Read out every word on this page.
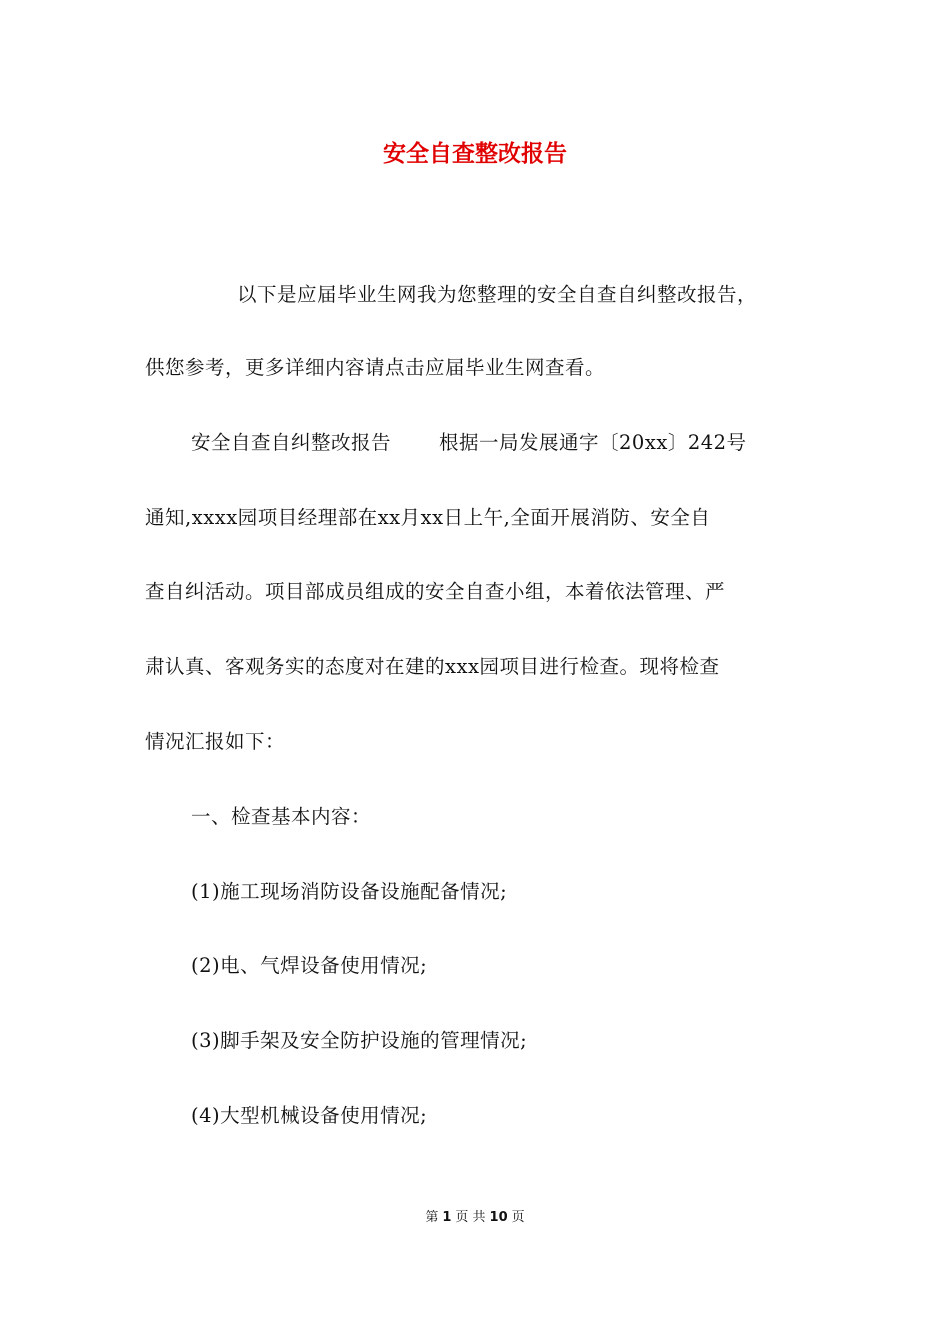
安全自查整改报告
以下是应届毕业生网我为您整理的安全自查自纠整改报告，
供您参考，更多详细内容请点击应届毕业生网查看。
安全自查自纠整改报告 根据一局发展通字〔20xx〕242号
通知,xxxx园项目经理部在xx月xx日上午,全面开展消防、安全自
查自纠活动。项目部成员组成的安全自查小组，本着依法管理、严
肃认真、客观务实的态度对在建的xxx园项目进行检查。现将检查
情况汇报如下：
一、检查基本内容：
(1)施工现场消防设备设施配备情况;
(2)电、气焊设备使用情况;
(3)脚手架及安全防护设施的管理情况;
(4)大型机械设备使用情况;
第 1 页 共 10 页
